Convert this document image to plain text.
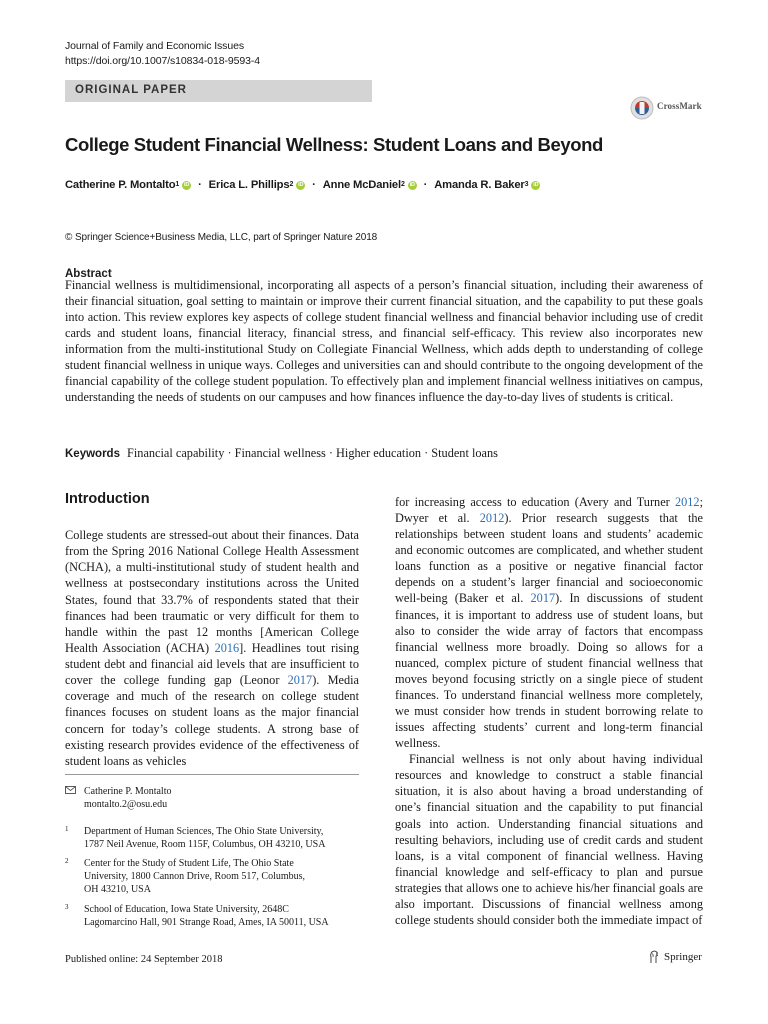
Journal of Family and Economic Issues
https://doi.org/10.1007/s10834-018-9593-4
ORIGINAL PAPER
CrossMark
College Student Financial Wellness: Student Loans and Beyond
Catherine P. Montalto$^1$ iD · Erica L. Phillips$^2$ iD · Anne McDaniel$^2$ iD · Amanda R. Baker$^3$ iD
© Springer Science+Business Media, LLC, part of Springer Nature 2018
Abstract

Financial wellness is multidimensional, incorporating all aspects of a person’s financial situation, including their awareness of their financial situation, goal setting to maintain or improve their current financial situation, and the capability to put these goals into action. This review explores key aspects of college student financial wellness and financial behavior including use of credit cards and student loans, financial literacy, financial stress, and financial self-efficacy. This review also incorporates new information from the multi-institutional Study on Collegiate Financial Wellness, which adds depth to understanding of college student financial wellness in unique ways. Colleges and universities can and should contribute to the ongoing development of the financial capability of the college student population. To effectively plan and implement financial wellness initiatives on campus, understanding the needs of students on our campuses and how finances influence the day-to-day lives of students is critical.

Keywords Financial capability · Financial wellness · Higher education · Student loans
Introduction

College students are stressed-out about their finances. Data from the Spring 2016 National College Health Assessment (NCHA), a multi-institutional study of student health and wellness at postsecondary institutions across the United States, found that 33.7% of respondents stated that their finances had been traumatic or very difficult for them to handle within the past 12 months [American College Health Association (ACHA) 2016]. Headlines tout rising student debt and financial aid levels that are insufficient to cover the college funding gap (Leonor 2017). Media coverage and much of the research on college student finances focuses on student loans as the major financial concern for today’s college students. A strong base of existing research provides evidence of the effectiveness of student loans as vehicles

for increasing access to education (Avery and Turner 2012; Dwyer et al. 2012). Prior research suggests that the relationships between student loans and students’ academic and economic outcomes are complicated, and whether student loans function as a positive or negative financial factor depends on a student’s larger financial and socioeconomic well-being (Baker et al. 2017). In discussions of student finances, it is important to address use of student loans, but also to consider the wide array of factors that encompass financial wellness more broadly. Doing so allows for a nuanced, complex picture of student financial wellness that moves beyond focusing strictly on a single piece of student finances. To understand financial wellness more completely, we must consider how trends in student borrowing relate to issues affecting students’ current and long-term financial wellness.

Financial wellness is not only about having individual resources and knowledge to construct a stable financial situation, it is also about having a broad understanding of one’s financial situation and the capability to put financial goals into action. Understanding financial situations and resulting behaviors, including use of credit cards and student loans, is a vital component of financial wellness. Having financial knowledge and self-efficacy to plan and pursue strategies that allows one to achieve his/her financial goals are also important. Discussions of financial wellness among college students should consider both the immediate impact of

Catherine P. Montalto
montalto.2@osu.edu
1 Department of Human Sciences, The Ohio State University,
1787 Neil Avenue, Room 115F, Columbus, OH 43210, USA
2 Center for the Study of Student Life, The Ohio State
University, 1800 Cannon Drive, Room 517, Columbus,
OH 43210, USA
3 School of Education, Iowa State University, 2648C
Lagomarcino Hall, 901 Strange Road, Ames, IA 50011, USA
Published online: 24 September 2018	Springer
